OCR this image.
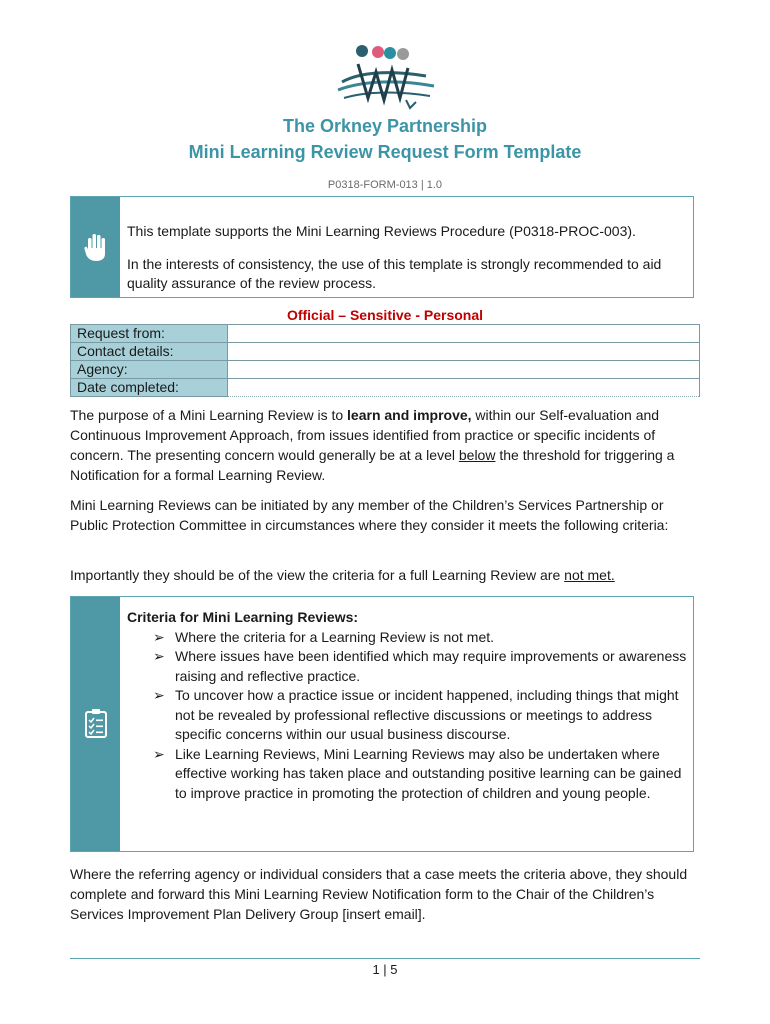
The Orkney Partnership
Mini Learning Review Request Form Template
P0318-FORM-013 | 1.0

This template supports the Mini Learning Reviews Procedure (P0318-PROC-003).

In the interests of consistency, the use of this template is strongly recommended to aid quality assurance of the review process.

Official – Sensitive - Personal
Request from:	
Contact details:	
Agency:	
Date completed:	

The purpose of a Mini Learning Review is to learn and improve, within our Self-evaluation and Continuous Improvement Approach, from issues identified from practice or specific incidents of concern. The presenting concern would generally be at a level below the threshold for triggering a Notification for a formal Learning Review.

Mini Learning Reviews can be initiated by any member of the Children’s Services Partnership or Public Protection Committee in circumstances where they consider it meets the following criteria:

Importantly they should be of the view the criteria for a full Learning Review are not met.

Criteria for Mini Learning Reviews:
➢ Where the criteria for a Learning Review is not met.
➢ Where issues have been identified which may require improvements or awareness raising and reflective practice.
➢ To uncover how a practice issue or incident happened, including things that might not be revealed by professional reflective discussions or meetings to address specific concerns within our usual business discourse.
➢ Like Learning Reviews, Mini Learning Reviews may also be undertaken where effective working has taken place and outstanding positive learning can be gained to improve practice in promoting the protection of children and young people.

Where the referring agency or individual considers that a case meets the criteria above, they should complete and forward this Mini Learning Review Notification form to the Chair of the Children’s Services Improvement Plan Delivery Group [insert email].

1 | 5
